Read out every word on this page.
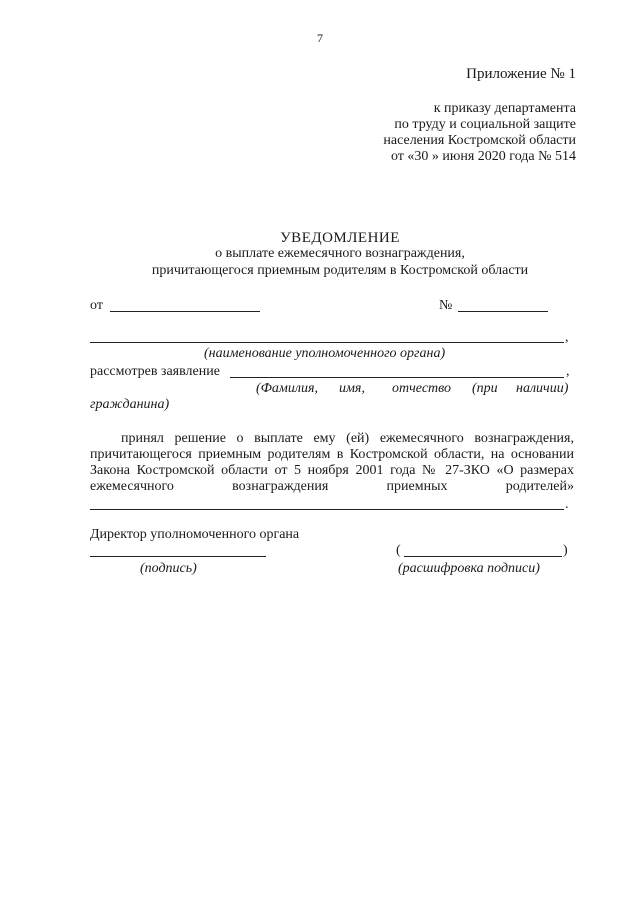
7
Приложение № 1
к приказу департамента
по труду и социальной защите
населения Костромской области
от «30 » июня 2020 года № 514
УВЕДОМЛЕНИЕ
о выплате ежемесячного вознаграждения,
причитающегося приемным родителям в Костромской области
от	№
,
(наименование уполномоченного органа)
рассмотрев заявление	,
(Фамилия, имя, отчество (при наличии)
гражданина)
принял решение о выплате ему (ей) ежемесячного вознаграждения,
причитающегося приемным родителям в Костромской области, на основании
Закона Костромской области от 5 ноября 2001 года № 27-ЗКО «О размерах
ежемесячного вознаграждения приемных родителей»
.
Директор уполномоченного органа
(	)
(подпись)	(расшифровка подписи)
